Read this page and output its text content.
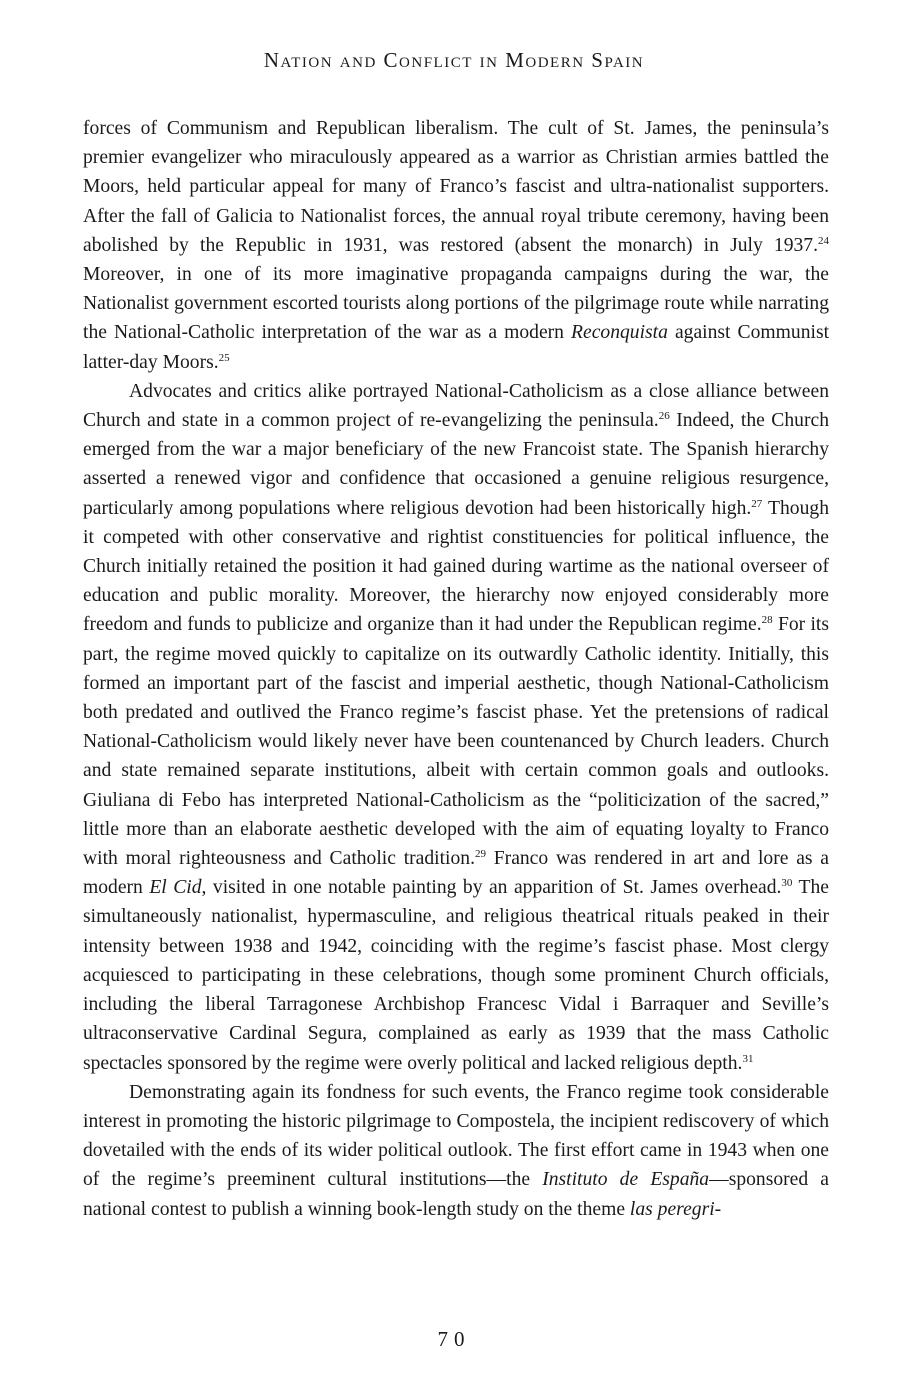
Nation and Conflict in Modern Spain

forces of Communism and Republican liberalism. The cult of St. James, the peninsula’s premier evangelizer who miraculously appeared as a warrior as Christian armies battled the Moors, held particular appeal for many of Franco’s fascist and ultra-nationalist supporters. After the fall of Galicia to Nationalist forces, the annual royal tribute ceremony, having been abolished by the Republic in 1931, was restored (absent the monarch) in July 1937.24 Moreover, in one of its more imaginative propaganda campaigns during the war, the Nationalist government escorted tourists along portions of the pilgrimage route while narrating the National-Catholic interpretation of the war as a modern Reconquista against Communist latter-day Moors.$^{25}$

Advocates and critics alike portrayed National-Catholicism as a close alliance between Church and state in a common project of re-evangelizing the peninsula.$^{26}$ Indeed, the Church emerged from the war a major beneficiary of the new Francoist state. The Spanish hierarchy asserted a renewed vigor and confidence that occasioned a genuine religious resurgence, particularly among populations where religious devotion had been historically high.$^{27}$ Though it competed with other conservative and rightist constituencies for political influence, the Church initially retained the position it had gained during wartime as the national overseer of education and public morality. Moreover, the hierarchy now enjoyed considerably more freedom and funds to publicize and organize than it had under the Republican regime.$^{28}$ For its part, the regime moved quickly to capitalize on its outwardly Catholic identity. Initially, this formed an important part of the fascist and imperial aesthetic, though National-Catholicism both predated and outlived the Franco regime’s fascist phase. Yet the pretensions of radical National-Catholicism would likely never have been countenanced by Church leaders. Church and state remained separate institutions, albeit with certain common goals and outlooks. Giuliana di Febo has interpreted National-Catholicism as the “politicization of the sacred,” little more than an elaborate aesthetic developed with the aim of equating loyalty to Franco with moral righteousness and Catholic tradition.$^{29}$ Franco was rendered in art and lore as a modern El Cid, visited in one notable painting by an apparition of St. James overhead.$^{30}$ The simultaneously nationalist, hypermasculine, and religious theatrical rituals peaked in their intensity between 1938 and 1942, coinciding with the regime’s fascist phase. Most clergy acquiesced to participating in these celebrations, though some prominent Church officials, including the liberal Tarragonese Archbishop Francesc Vidal i Barraquer and Seville’s ultraconservative Cardinal Segura, complained as early as 1939 that the mass Catholic spectacles sponsored by the regime were overly political and lacked religious depth.$^{31}$

Demonstrating again its fondness for such events, the Franco regime took considerable interest in promoting the historic pilgrimage to Compostela, the incipient rediscovery of which dovetailed with the ends of its wider political outlook. The first effort came in 1943 when one of the regime’s preeminent cultural institutions—the Instituto de España—sponsored a national contest to publish a winning book-length study on the theme las peregri-

70
